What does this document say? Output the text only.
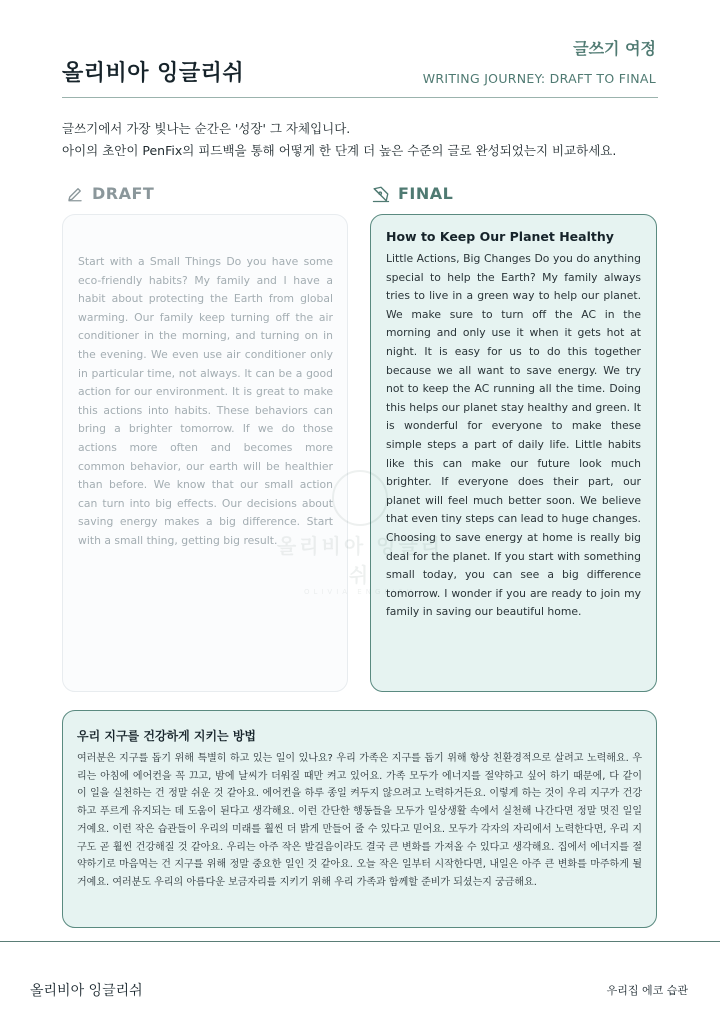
올리비아 잉글리쉬
글쓰기 여정
WRITING JOURNEY: DRAFT TO FINAL

글쓰기에서 가장 빛나는 순간은 '성장' 그 자체입니다.

아이의 초안이 PenFix의 피드백을 통해 어떻게 한 단계 더 높은 수준의 글로 완성되었는지 비교하세요.

DRAFT	FINAL

Start with a Small Things Do you have some eco-friendly habits? My family and I have a habit about protecting the Earth from global warming. Our family keep turning off the air conditioner in the morning, and turning on in the evening. We even use air conditioner only in particular time, not always. It can be a good action for our environment. It is great to make this actions into habits. These behaviors can bring a brighter tomorrow. If we do those actions more often and becomes more common behavior, our earth will be healthier than before. We know that our small action can turn into big effects. Our decisions about saving energy makes a big difference. Start with a small thing, getting big result.

How to Keep Our Planet Healthy

Little Actions, Big Changes Do you do anything special to help the Earth? My family always tries to live in a green way to help our planet. We make sure to turn off the AC in the morning and only use it when it gets hot at night. It is easy for us to do this together because we all want to save energy. We try not to keep the AC running all the time. Doing this helps our planet stay healthy and green. It is wonderful for everyone to make these simple steps a part of daily life. Little habits like this can make our future look much brighter. If everyone does their part, our planet will feel much better soon. We believe that even tiny steps can lead to huge changes. Choosing to save energy at home is really big deal for the planet. If you start with something small today, you can see a big difference tomorrow. I wonder if you are ready to join my family in saving our beautiful home.

올리비아 잉글리쉬
OLIVIA ENGLISH

우리 지구를 건강하게 지키는 방법

여러분은 지구를 돕기 위해 특별히 하고 있는 일이 있나요? 우리 가족은 지구를 돕기 위해 항상 친환경적으로 살려고 노력해요. 우리는 아침에 에어컨을 꼭 끄고, 밤에 날씨가 더워질 때만 켜고 있어요. 가족 모두가 에너지를 절약하고 싶어 하기 때문에, 다 같이 이 일을 실천하는 건 정말 쉬운 것 같아요. 에어컨을 하루 종일 켜두지 않으려고 노력하거든요. 이렇게 하는 것이 우리 지구가 건강하고 푸르게 유지되는 데 도움이 된다고 생각해요. 이런 간단한 행동들을 모두가 일상생활 속에서 실천해 나간다면 정말 멋진 일일 거예요. 이런 작은 습관들이 우리의 미래를 훨씬 더 밝게 만들어 줄 수 있다고 믿어요. 모두가 각자의 자리에서 노력한다면, 우리 지구도 곧 훨씬 건강해질 것 같아요. 우리는 아주 작은 발걸음이라도 결국 큰 변화를 가져올 수 있다고 생각해요. 집에서 에너지를 절약하기로 마음먹는 건 지구를 위해 정말 중요한 일인 것 같아요. 오늘 작은 일부터 시작한다면, 내일은 아주 큰 변화를 마주하게 될 거예요. 여러분도 우리의 아름다운 보금자리를 지키기 위해 우리 가족과 함께할 준비가 되셨는지 궁금해요.

올리비아 잉글리쉬	우리집 에코 습관
